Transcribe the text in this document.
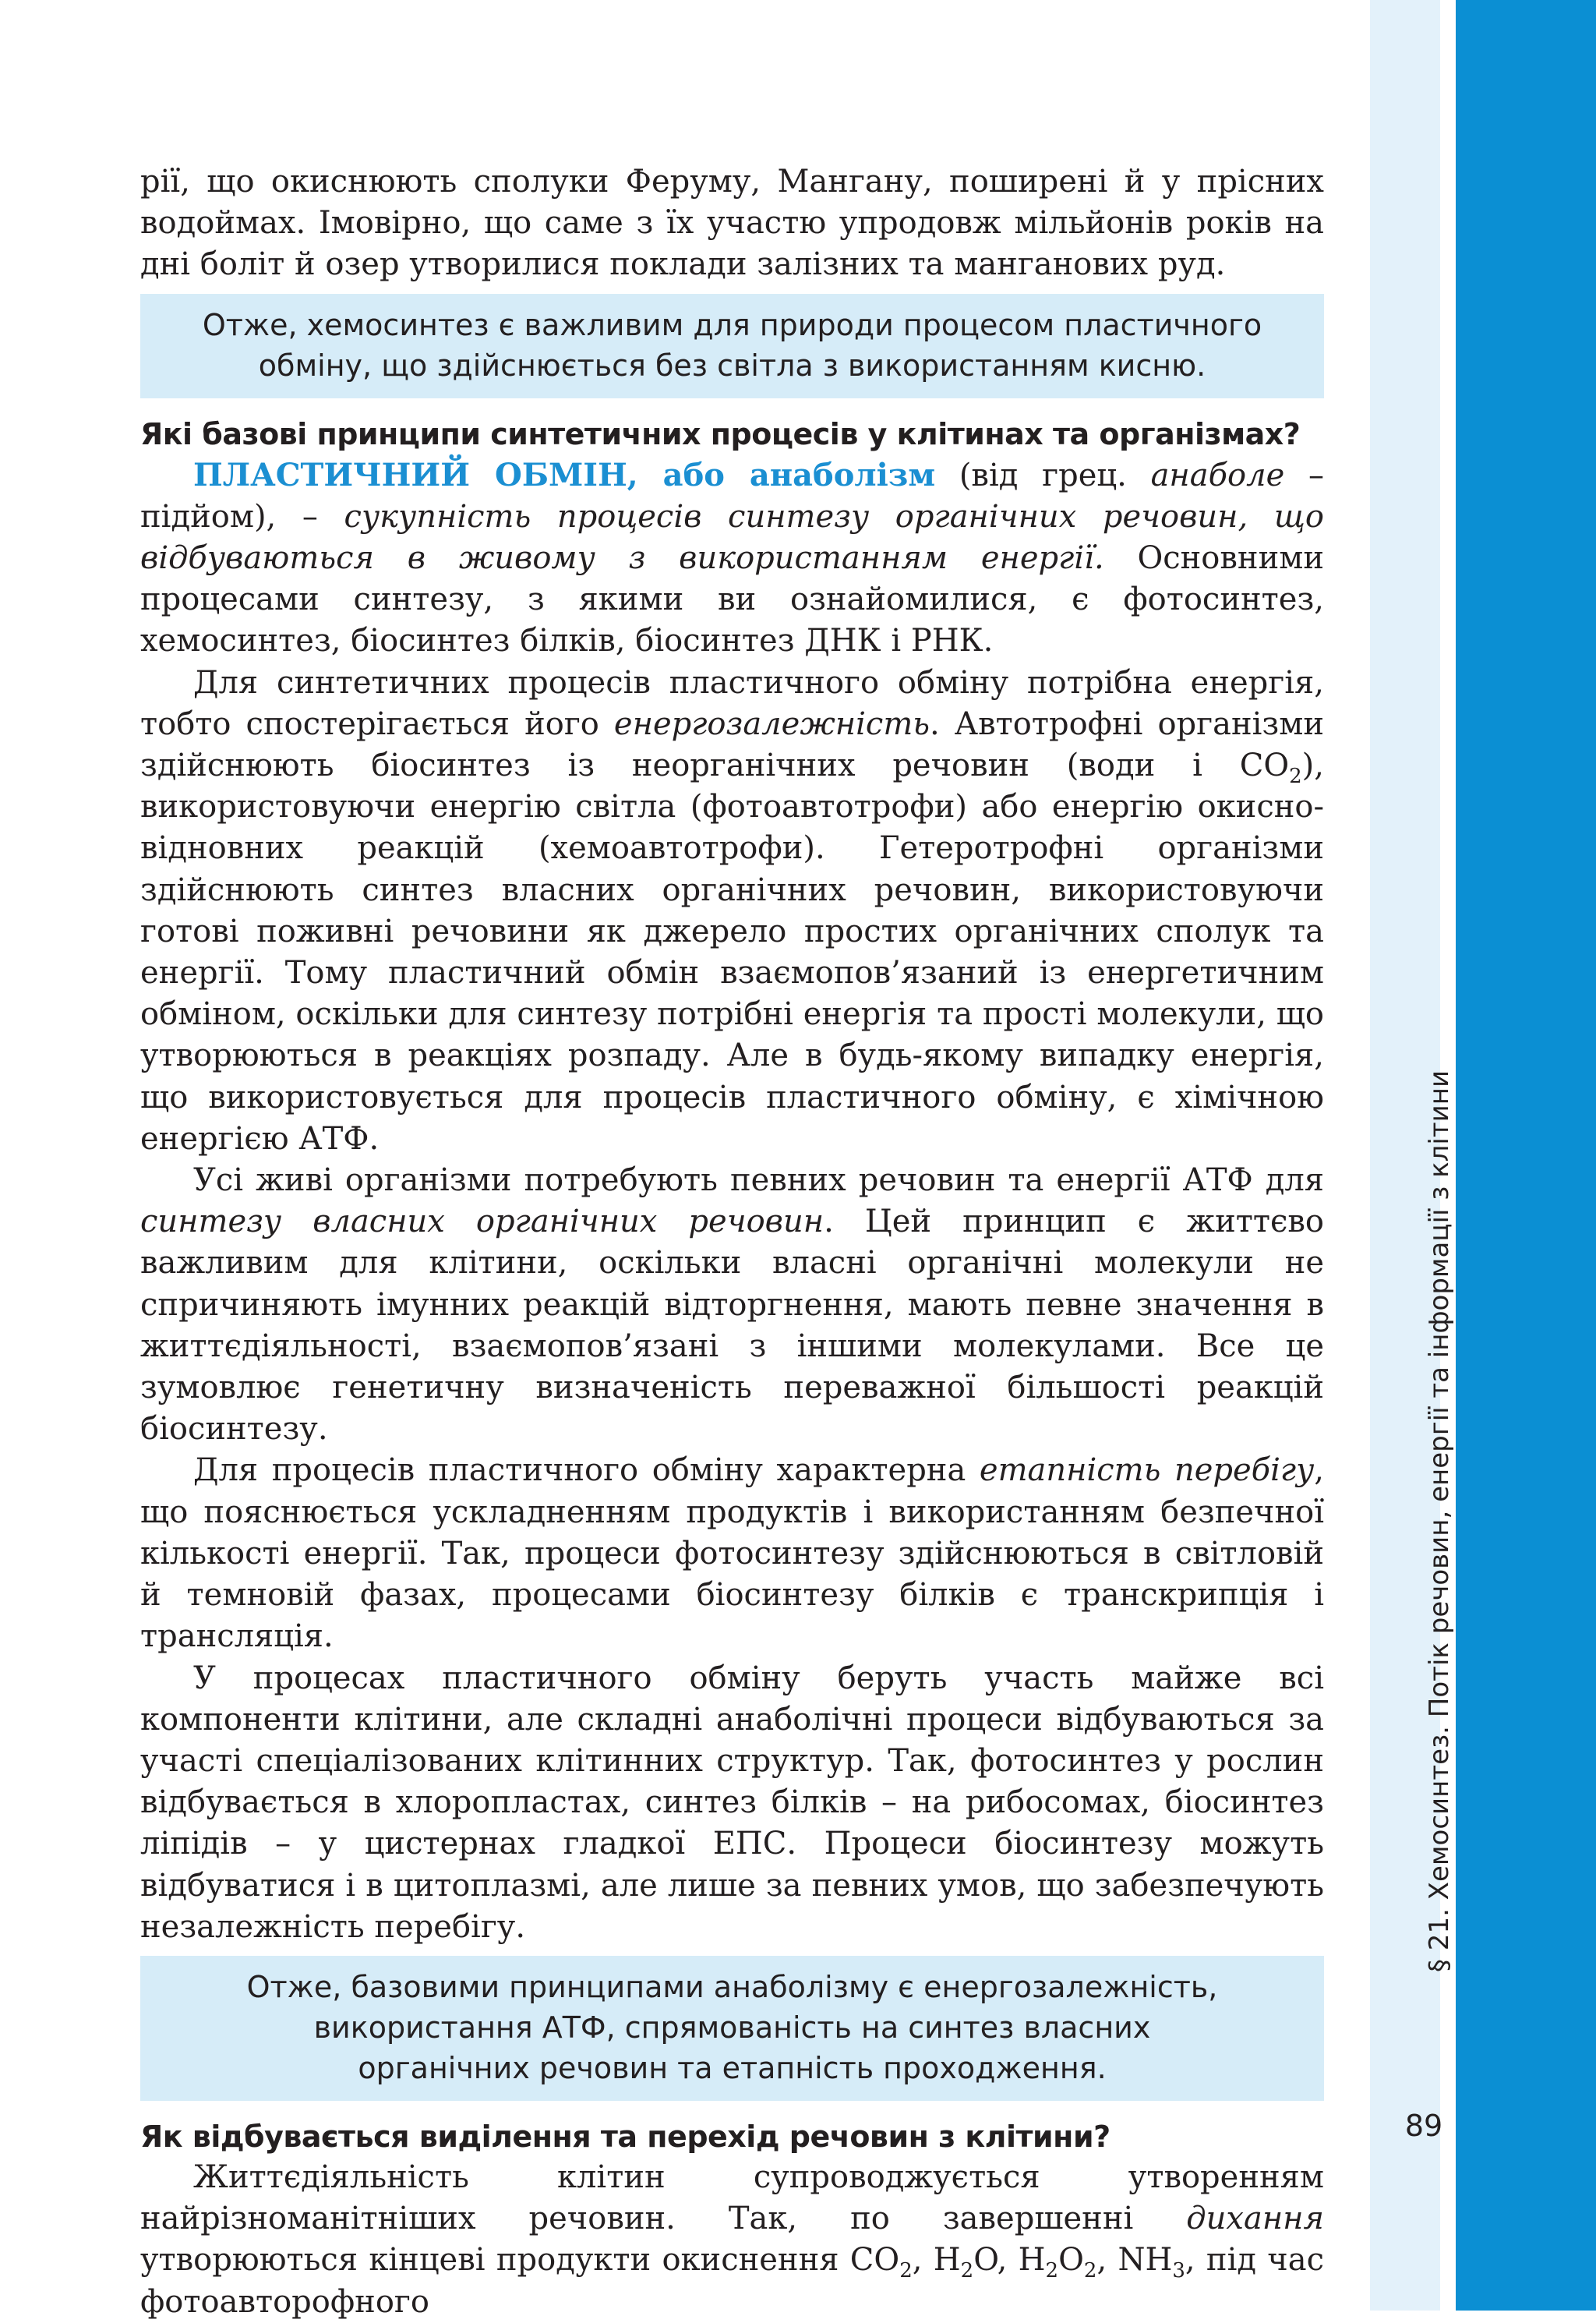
§ 21. Хемосинтез. Потік речовин, енергії та інформації з клітини
89

рії, що окиснюють сполуки Феруму, Мангану, поширені й у прісних водоймах. Імовірно, що саме з їх участю упродовж мільйонів років на дні боліт й озер утворилися поклади залізних та манганових руд.

Отже, хемосинтез є важливим для природи процесом пластичного обміну, що здійснюється без світла з використанням кисню.
Які базові принципи синтетичних процесів у клітинах та організмах?

ПЛАСТИЧНИЙ ОБМІН, або анаболізм (від грец. анаболе – підйом), – сукупність процесів синтезу органічних речовин, що відбуваються в живому з використанням енергії. Основними процесами синтезу, з якими ви ознайомилися, є фотосинтез, хемосинтез, біосинтез білків, біосинтез ДНК і РНК.

Для синтетичних процесів пластичного обміну потрібна енергія, тобто спостерігається його енергозалежність. Автотрофні організми здійснюють біосинтез із неорганічних речовин (води і $CO_2$), використовуючи енергію світла (фотоавтотрофи) або енергію окисно-відновних реакцій (хемоавтотрофи). Гетеротрофні організми здійснюють синтез власних органічних речовин, використовуючи готові поживні речовини як джерело простих органічних сполук та енергії. Тому пластичний обмін взаємопов’язаний із енергетичним обміном, оскільки для синтезу потрібні енергія та прості молекули, що утворюються в реакціях розпаду. Але в будь-якому випадку енергія, що використовується для процесів пластичного обміну, є хімічною енергією АТФ.

Усі живі організми потребують певних речовин та енергії АТФ для синтезу власних органічних речовин. Цей принцип є життєво важливим для клітини, оскільки власні органічні молекули не спричиняють імунних реакцій відторгнення, мають певне значення в життєдіяльності, взаємопов’язані з іншими молекулами. Все це зумовлює генетичну визначеність переважної більшості реакцій біосинтезу.

Для процесів пластичного обміну характерна етапність перебігу, що пояснюється ускладненням продуктів і використанням безпечної кількості енергії. Так, процеси фотосинтезу здійснюються в світловій й темновій фазах, процесами біосинтезу білків є транскрипція і трансляція.

У процесах пластичного обміну беруть участь майже всі компоненти клітини, але складні анаболічні процеси відбуваються за участі спеціалізованих клітинних структур. Так, фотосинтез у рослин відбувається в хлоропластах, синтез білків – на рибосомах, біосинтез ліпідів – у цистернах гладкої ЕПС. Процеси біосинтезу можуть відбуватися і в цитоплазмі, але лише за певних умов, що забезпечують незалежність перебігу.

Отже, базовими принципами анаболізму є енергозалежність,
використання АТФ, спрямованість на синтез власних
органічних речовин та етапність проходження.
Як відбувається виділення та перехід речовин з клітини?

Життєдіяльність клітин супроводжується утворенням найрізноманітніших речовин. Так, по завершенні дихання утворюються кінцеві продукти окиснення $CO_2$, $H_2O$, $H_2O_2$, $NH_3$, під час фотоавторофного
